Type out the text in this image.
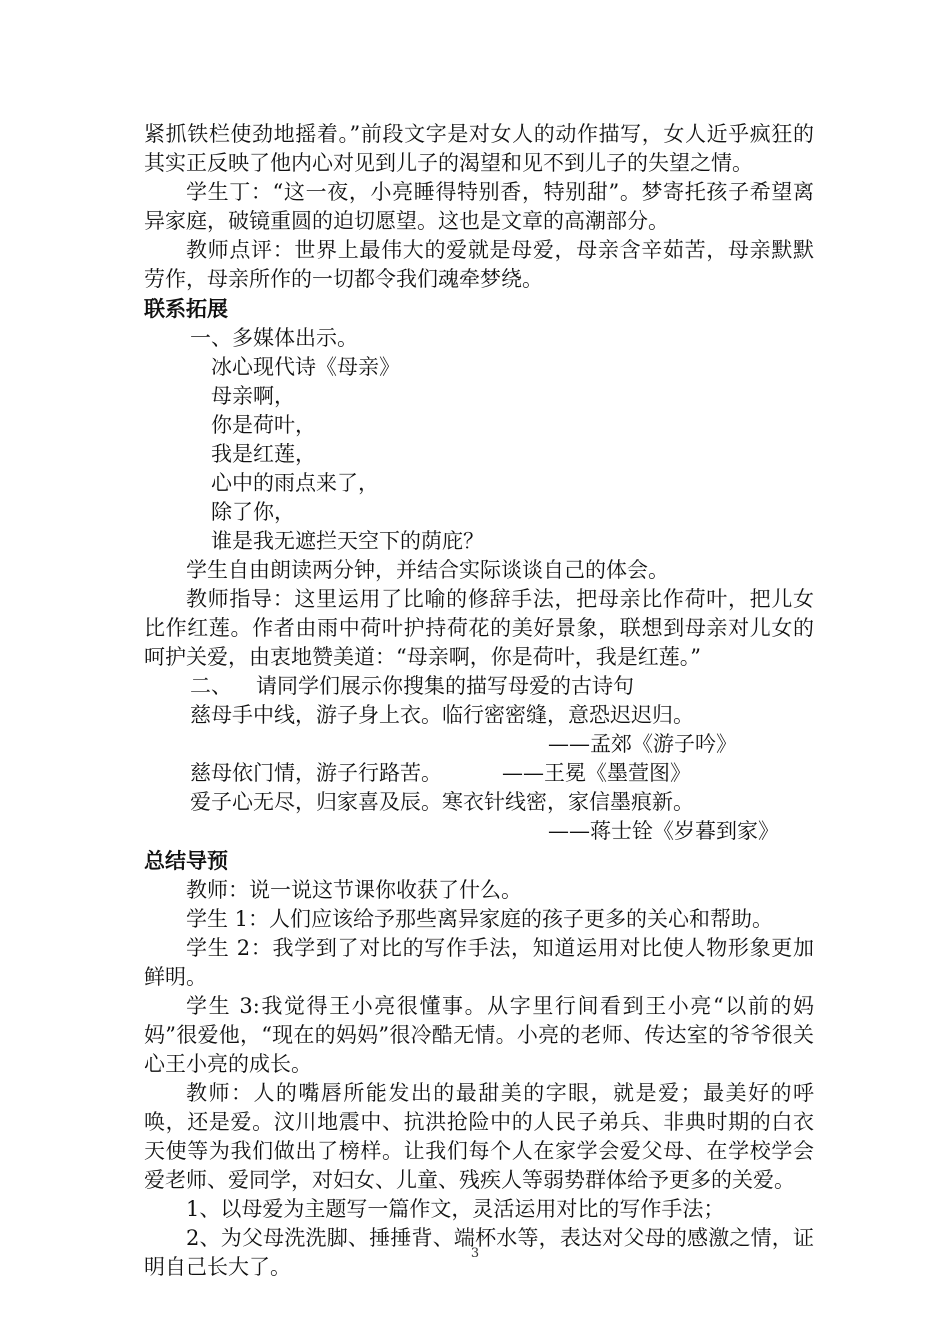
紧抓铁栏使劲地摇着。”前段文字是对女人的动作描写，女人近乎疯狂的其实正反映了他内心对见到儿子的渴望和见不到儿子的失望之情。

学生丁：“这一夜，小亮睡得特别香，特别甜”。梦寄托孩子希望离异家庭，破镜重圆的迫切愿望。这也是文章的高潮部分。

教师点评：世界上最伟大的爱就是母爱，母亲含辛茹苦，母亲默默劳作，母亲所作的一切都令我们魂牵梦绕。

联系拓展

一、多媒体出示。

冰心现代诗《母亲》

母亲啊，

你是荷叶，

我是红莲，

心中的雨点来了，

除了你，

谁是我无遮拦天空下的荫庇？

学生自由朗读两分钟，并结合实际谈谈自己的体会。

教师指导：这里运用了比喻的修辞手法，把母亲比作荷叶，把儿女比作红莲。作者由雨中荷叶护持荷花的美好景象，联想到母亲对儿女的呵护关爱，由衷地赞美道：“母亲啊，你是荷叶，我是红莲。”

二、 请同学们展示你搜集的描写母爱的古诗句

慈母手中线，游子身上衣。临行密密缝，意恐迟迟归。

——孟郊《游子吟》

慈母依门情，游子行路苦。	——王冕《墨萱图》

爱子心无尽，归家喜及辰。寒衣针线密，家信墨痕新。

——蒋士铨《岁暮到家》

总结导预

教师：说一说这节课你收获了什么。

学生 1：人们应该给予那些离异家庭的孩子更多的关心和帮助。

学生 2：我学到了对比的写作手法，知道运用对比使人物形象更加鲜明。

学生 3:我觉得王小亮很懂事。从字里行间看到王小亮“以前的妈妈”很爱他，“现在的妈妈”很冷酷无情。小亮的老师、传达室的爷爷很关心王小亮的成长。

教师：人的嘴唇所能发出的最甜美的字眼，就是爱；最美好的呼唤，还是爱。汶川地震中、抗洪抢险中的人民子弟兵、非典时期的白衣天使等为我们做出了榜样。让我们每个人在家学会爱父母、在学校学会爱老师、爱同学，对妇女、儿童、残疾人等弱势群体给予更多的关爱。

1、以母爱为主题写一篇作文，灵活运用对比的写作手法；

2、为父母洗洗脚、捶捶背、端杯水等，表达对父母的感激之情，证明自己长大了。

3
